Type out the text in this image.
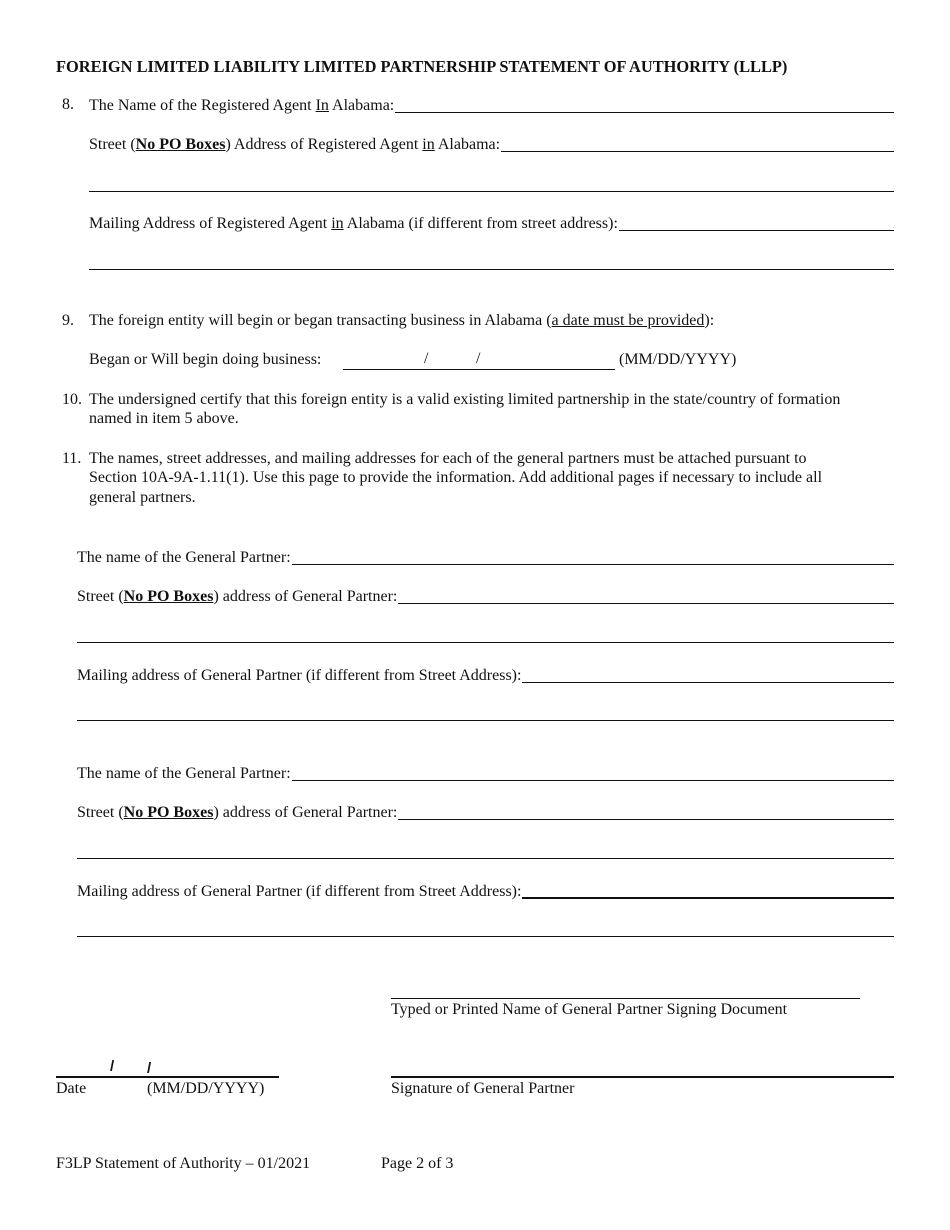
FOREIGN LIMITED LIABILITY LIMITED PARTNERSHIP STATEMENT OF AUTHORITY (LLLP)
8. The Name of the Registered Agent In Alabama:
Street (No PO Boxes) Address of Registered Agent in Alabama:
Mailing Address of Registered Agent in Alabama (if different from street address):
9. The foreign entity will begin or began transacting business in Alabama (a date must be provided):
Began or Will begin doing business:	/	/	(MM/DD/YYYY)
10. The undersigned certify that this foreign entity is a valid existing limited partnership in the state/country of formation
named in item 5 above.
11. The names, street addresses, and mailing addresses for each of the general partners must be attached pursuant to
Section 10A-9A-1.11(1). Use this page to provide the information. Add additional pages if necessary to include all
general partners.
The name of the General Partner:
Street (No PO Boxes) address of General Partner:
Mailing address of General Partner (if different from Street Address):
The name of the General Partner:
Street (No PO Boxes) address of General Partner:
Mailing address of General Partner (if different from Street Address):
Typed or Printed Name of General Partner Signing Document
/ /
Date	(MM/DD/YYYY)	Signature of General Partner
F3LP Statement of Authority – 01/2021	Page 2 of 3
